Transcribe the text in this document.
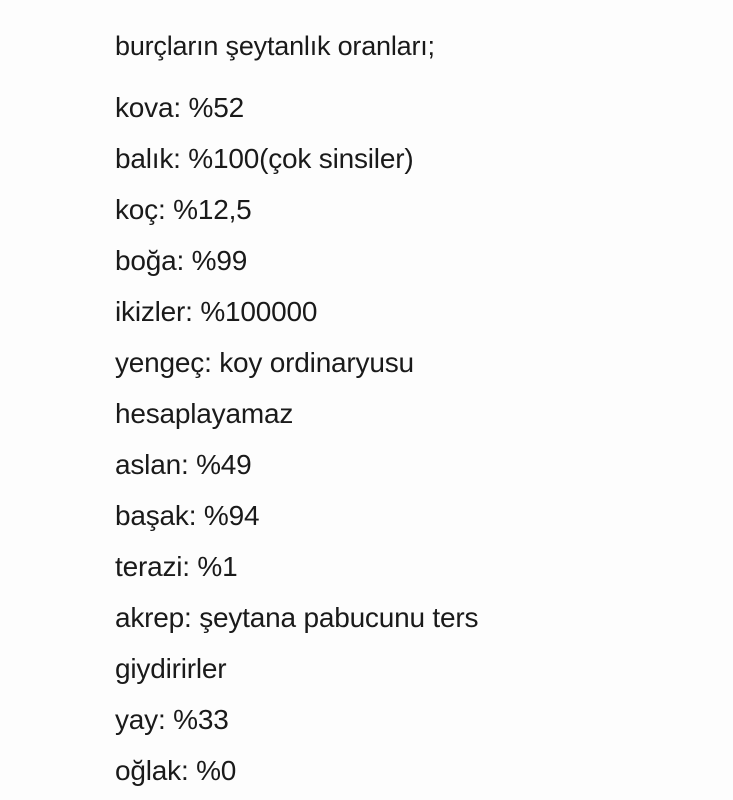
burçların şeytanlık oranları;
kova: %52
balık: %100(çok sinsiler)
koç: %12,5
boğa: %99
ikizler: %100000
yengeç: koy ordinaryusu
hesaplayamaz
aslan: %49
başak: %94
terazi: %1
akrep: şeytana pabucunu ters
giydirirler
yay: %33
oğlak: %0
